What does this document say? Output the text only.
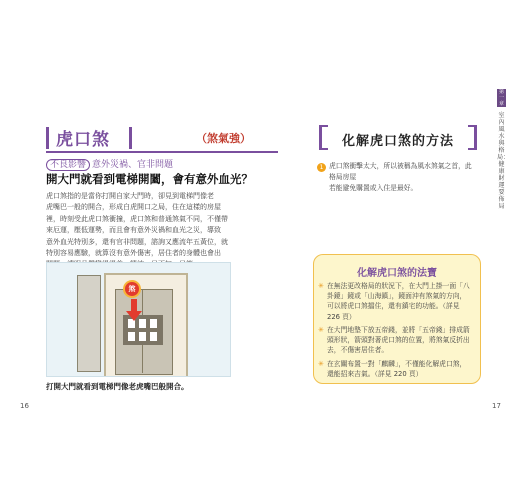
虎口煞	（煞氣強）
不良影響 意外災禍、官非問題
開大門就看到電梯開闔，會有意外血光？
虎口煞指的是當你打開自家大門時，卻見到電梯門像老
虎嘴巴一般的開合，形成白虎開口之局，住在這樣的房屋
裡，時刻受此虎口煞衝撞，虎口煞和普通煞氣不同，不僅帶
來厄運，壓低運勢，而且會有意外災禍和血光之災，導致
意外血光特別多，還有官非問題，諮詢又應流年五黃位，就
特別容易應驗，就算沒有意外傷害，居住者的身體也會出
煞
打開大門就看到電梯門像老虎嘴巴般開合。
16
化解虎口煞的方法
1 虎口煞衝擊太大，所以被稱為風水煞氣之首，此格局房屋
若能避免購置或入住是最好。
化解虎口煞的法寶
✳ 在無法更改格局的狀況下，在大門上掛一面「八
卦鏡」鏡或「山海鎮」，鏡面沖有煞氣的方向，
可以將虎口煞擋住，還有鎮宅的功能。（詳見
226 頁）
✳ 在大門地墊下放五帝錢，並將「五帝錢」排成箭
頭形狀，箭頭對著虎口煞的位置，將煞氣反折出
去，不傷害居住者。
✳ 在玄關布置一對「麒麟」，不僅能化解虎口煞，
還能招來吉氣。（詳見 220 頁）
第一章
室內風水與格局：健康財運要佈局
17
